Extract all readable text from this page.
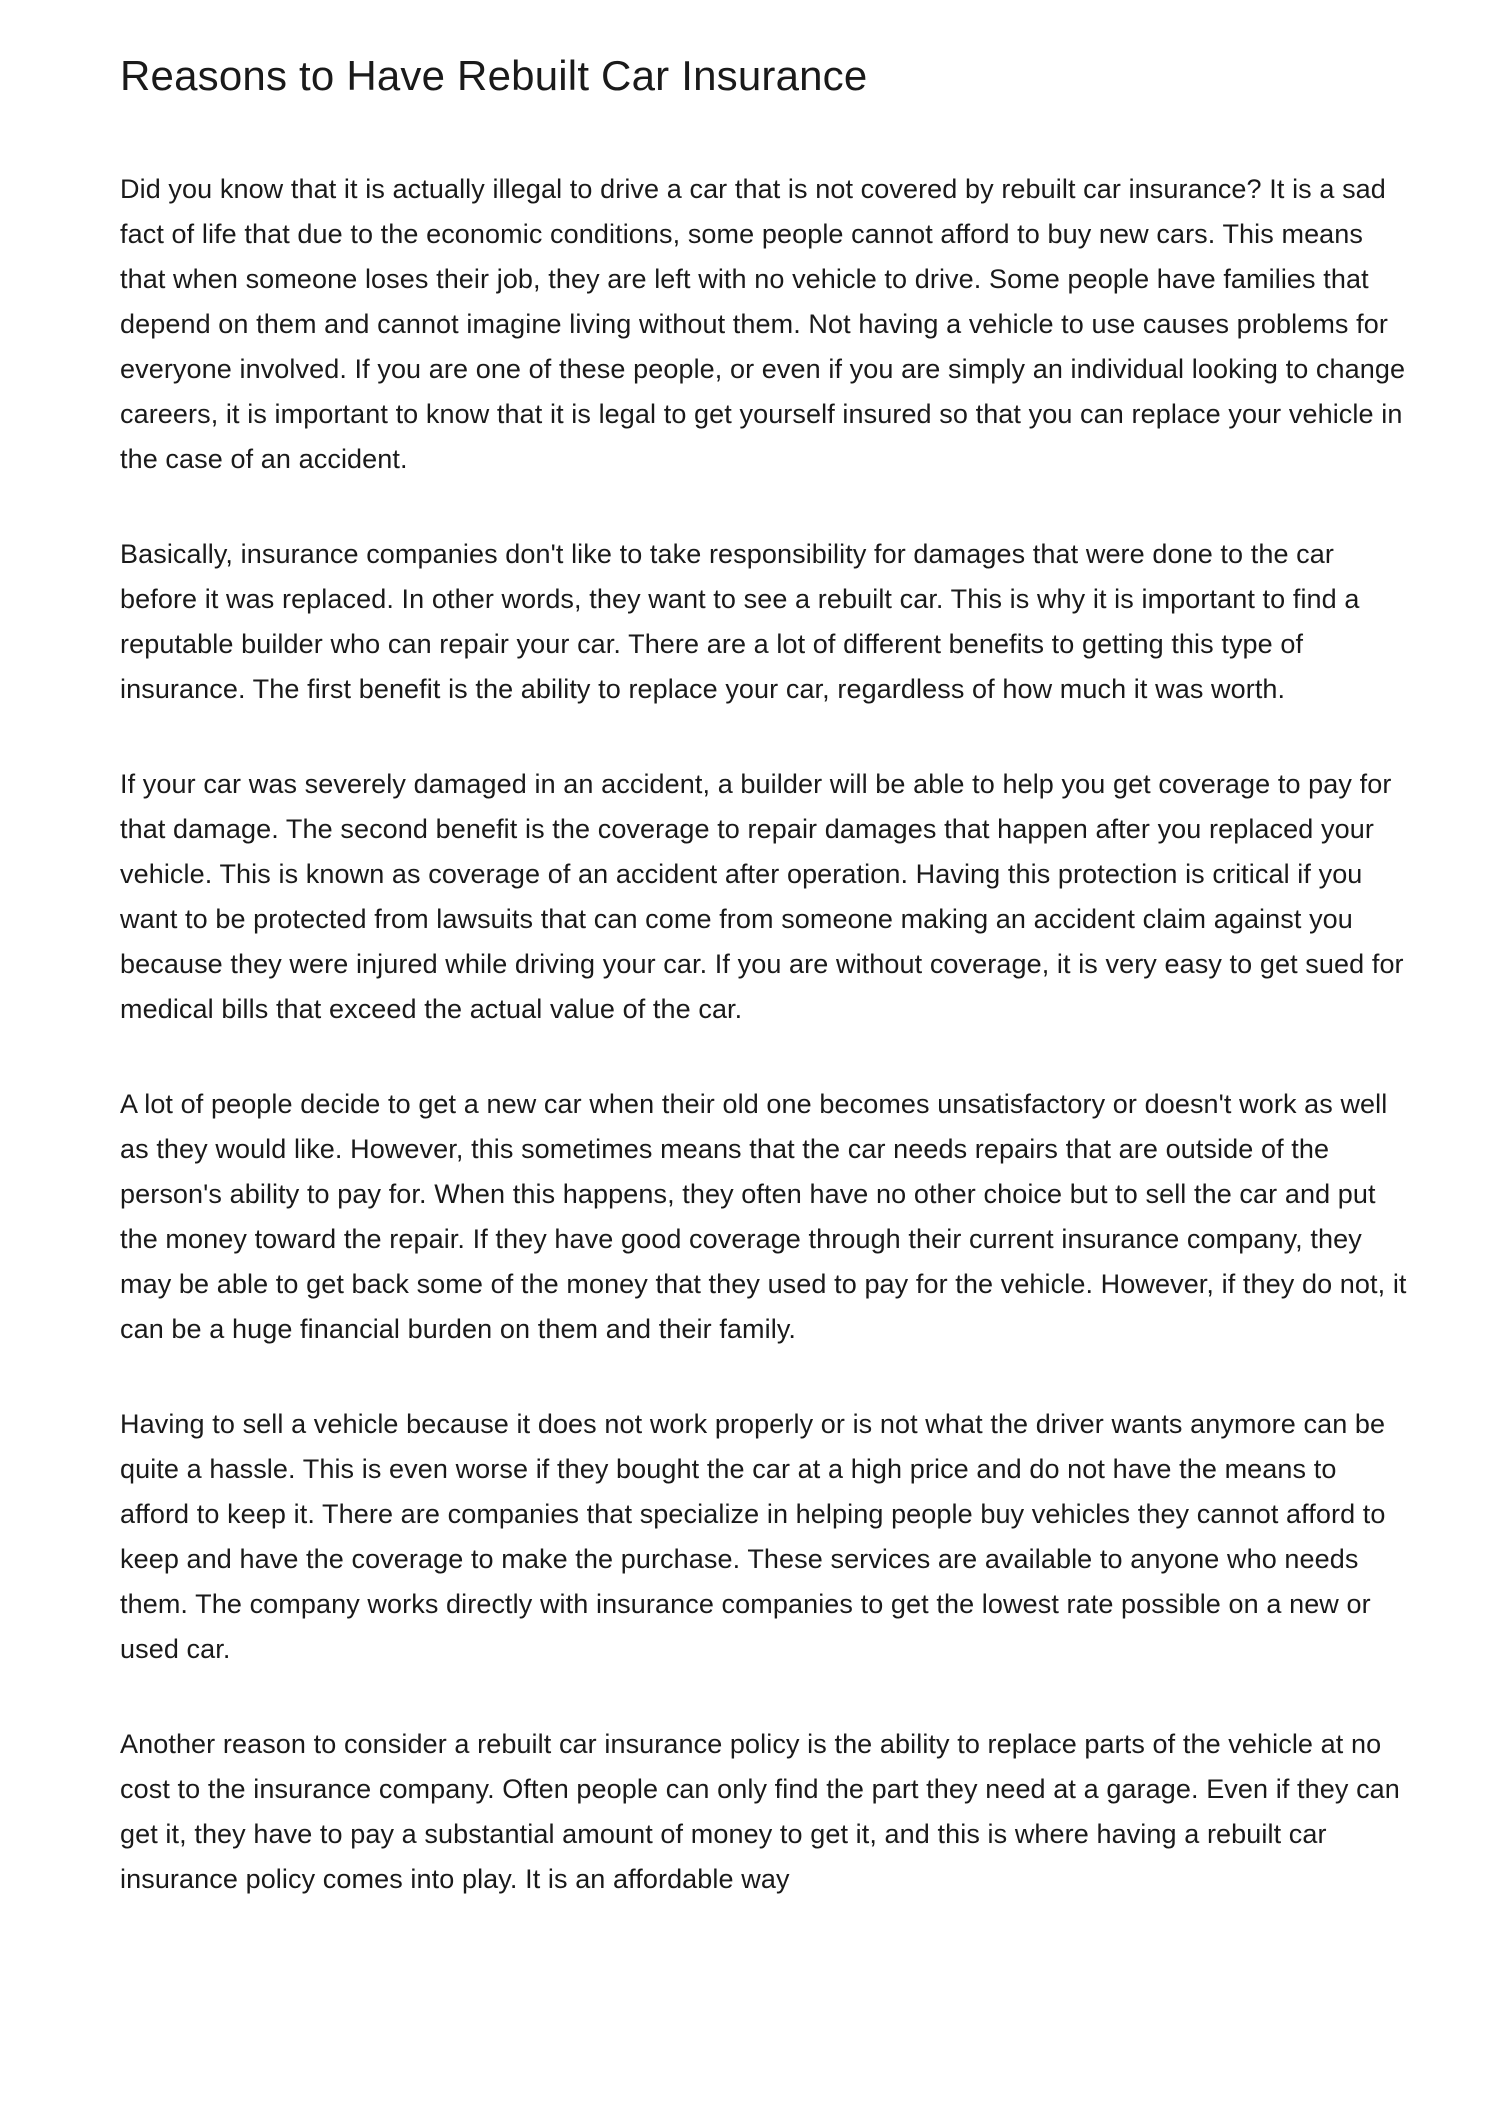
Reasons to Have Rebuilt Car Insurance

Did you know that it is actually illegal to drive a car that is not covered by rebuilt car insurance? It is a sad fact of life that due to the economic conditions, some people cannot afford to buy new cars. This means that when someone loses their job, they are left with no vehicle to drive. Some people have families that depend on them and cannot imagine living without them. Not having a vehicle to use causes problems for everyone involved. If you are one of these people, or even if you are simply an individual looking to change careers, it is important to know that it is legal to get yourself insured so that you can replace your vehicle in the case of an accident.

Basically, insurance companies don't like to take responsibility for damages that were done to the car before it was replaced. In other words, they want to see a rebuilt car. This is why it is important to find a reputable builder who can repair your car. There are a lot of different benefits to getting this type of insurance. The first benefit is the ability to replace your car, regardless of how much it was worth.

If your car was severely damaged in an accident, a builder will be able to help you get coverage to pay for that damage. The second benefit is the coverage to repair damages that happen after you replaced your vehicle. This is known as coverage of an accident after operation. Having this protection is critical if you want to be protected from lawsuits that can come from someone making an accident claim against you because they were injured while driving your car. If you are without coverage, it is very easy to get sued for medical bills that exceed the actual value of the car.

A lot of people decide to get a new car when their old one becomes unsatisfactory or doesn't work as well as they would like. However, this sometimes means that the car needs repairs that are outside of the person's ability to pay for. When this happens, they often have no other choice but to sell the car and put the money toward the repair. If they have good coverage through their current insurance company, they may be able to get back some of the money that they used to pay for the vehicle. However, if they do not, it can be a huge financial burden on them and their family.

Having to sell a vehicle because it does not work properly or is not what the driver wants anymore can be quite a hassle. This is even worse if they bought the car at a high price and do not have the means to afford to keep it. There are companies that specialize in helping people buy vehicles they cannot afford to keep and have the coverage to make the purchase. These services are available to anyone who needs them. The company works directly with insurance companies to get the lowest rate possible on a new or used car.

Another reason to consider a rebuilt car insurance policy is the ability to replace parts of the vehicle at no cost to the insurance company. Often people can only find the part they need at a garage. Even if they can get it, they have to pay a substantial amount of money to get it, and this is where having a rebuilt car insurance policy comes into play. It is an affordable way
